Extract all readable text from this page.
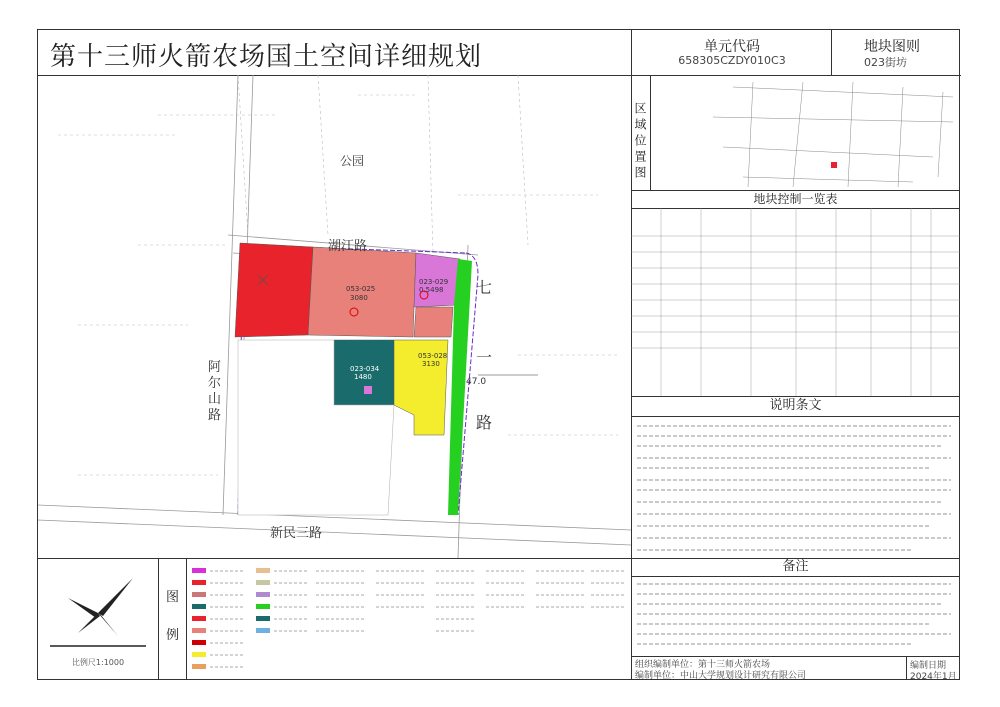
第十三师火箭农场国土空间详细规划	单元代码
658305CZDY010C3
地块图则
023街坊
公园
湖江路
阿尔山路
新民三路
七
一
路
053-025
3080
023-029
0.5498
023-034
1480
053-028
3130
47.0
区域位置图
地块控制一览表
说明条文
比例尺1:1000
图
例
备注
组织编制单位：第十三师火箭农场
编制单位：中山大学规划设计研究有限公司
编制日期
2024年1月
